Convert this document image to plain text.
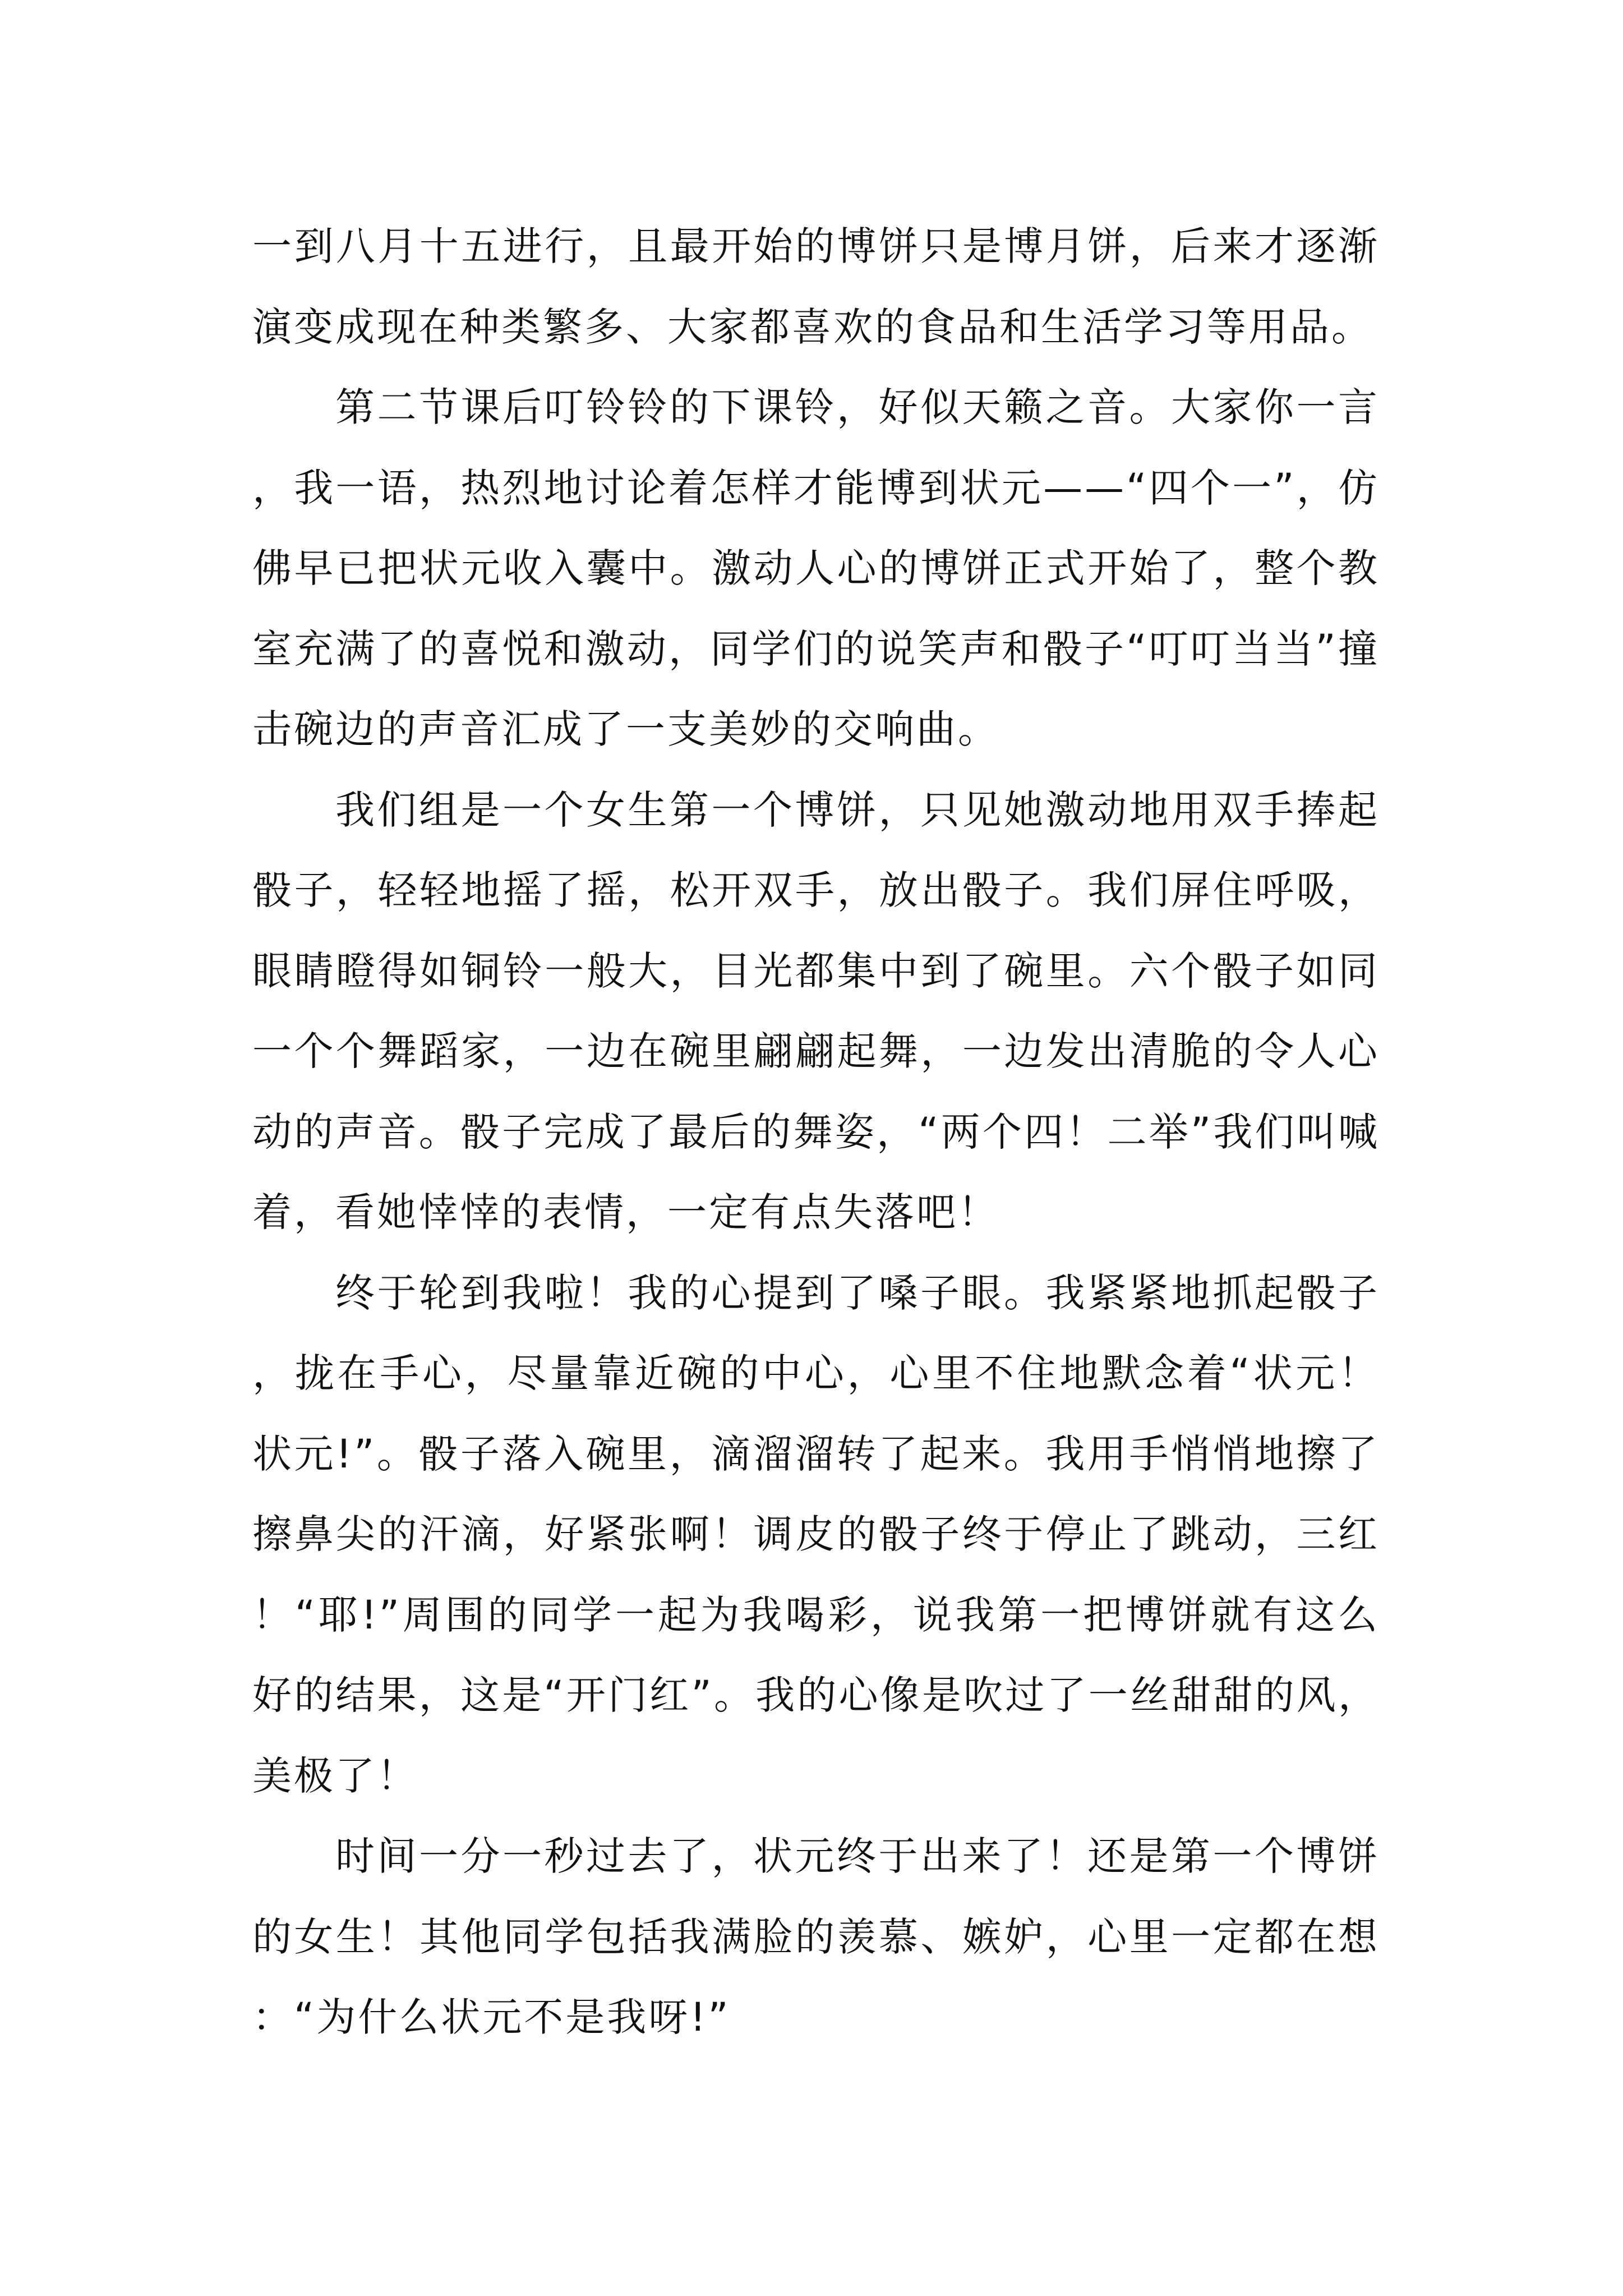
一到八月十五进行，且最开始的博饼只是博月饼，后来才逐渐演变成现在种类繁多、大家都喜欢的食品和生活学习等用品。

第二节课后叮铃铃的下课铃，好似天籁之音。大家你一言，我一语，热烈地讨论着怎样才能博到状元——“四个一”，仿佛早已把状元收入囊中。激动人心的博饼正式开始了，整个教室充满了的喜悦和激动，同学们的说笑声和骰子“叮叮当当”撞击碗边的声音汇成了一支美妙的交响曲。

我们组是一个女生第一个博饼，只见她激动地用双手捧起骰子，轻轻地摇了摇，松开双手，放出骰子。我们屏住呼吸，眼睛瞪得如铜铃一般大，目光都集中到了碗里。六个骰子如同一个个舞蹈家，一边在碗里翩翩起舞，一边发出清脆的令人心动的声音。骰子完成了最后的舞姿，“两个四！二举”我们叫喊着，看她悻悻的表情，一定有点失落吧！

终于轮到我啦！我的心提到了嗓子眼。我紧紧地抓起骰子，拢在手心，尽量靠近碗的中心，心里不住地默念着“状元！状元!”。骰子落入碗里，滴溜溜转了起来。我用手悄悄地擦了擦鼻尖的汗滴，好紧张啊！调皮的骰子终于停止了跳动，三红！“耶!”周围的同学一起为我喝彩，说我第一把博饼就有这么好的结果，这是“开门红”。我的心像是吹过了一丝甜甜的风，美极了！

时间一分一秒过去了，状元终于出来了！还是第一个博饼的女生！其他同学包括我满脸的羡慕、嫉妒，心里一定都在想：“为什么状元不是我呀!”
